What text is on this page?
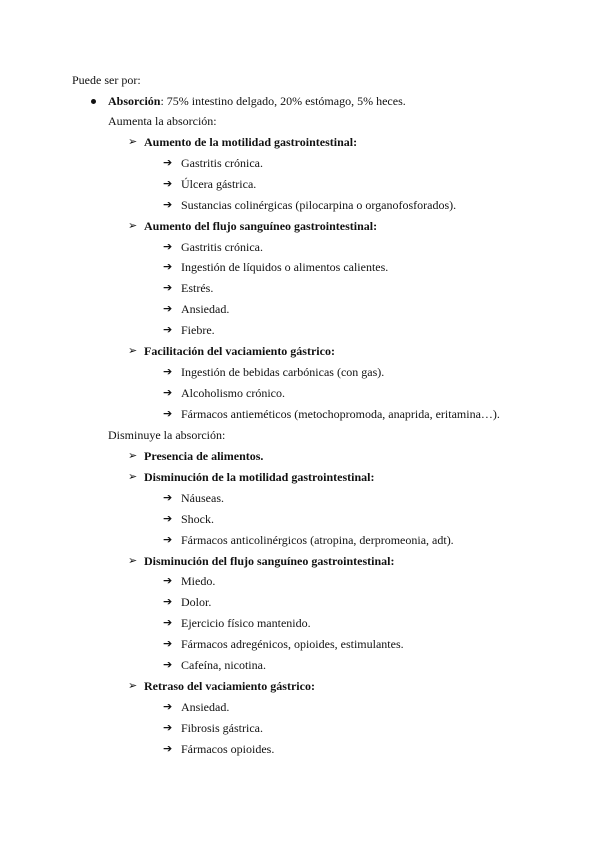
Puede ser por:
Absorción: 75% intestino delgado, 20% estómago, 5% heces.
Aumenta la absorción:
➢ Aumento de la motilidad gastrointestinal:
➔ Gastritis crónica.
➔ Úlcera gástrica.
➔ Sustancias colinérgicas (pilocarpina o organofosforados).
➢ Aumento del flujo sanguíneo gastrointestinal:
➔ Gastritis crónica.
➔ Ingestión de líquidos o alimentos calientes.
➔ Estrés.
➔ Ansiedad.
➔ Fiebre.
➢ Facilitación del vaciamiento gástrico:
➔ Ingestión de bebidas carbónicas (con gas).
➔ Alcoholismo crónico.
➔ Fármacos antieméticos (metochopromoda, anaprida, eritamina…).
Disminuye la absorción:
➢ Presencia de alimentos.
➢ Disminución de la motilidad gastrointestinal:
➔ Náuseas.
➔ Shock.
➔ Fármacos anticolinérgicos (atropina, derpromeonia, adt).
➢ Disminución del flujo sanguíneo gastrointestinal:
➔ Miedo.
➔ Dolor.
➔ Ejercicio físico mantenido.
➔ Fármacos adregénicos, opioides, estimulantes.
➔ Cafeína, nicotina.
➢ Retraso del vaciamiento gástrico:
➔ Ansiedad.
➔ Fibrosis gástrica.
➔ Fármacos opioides.
